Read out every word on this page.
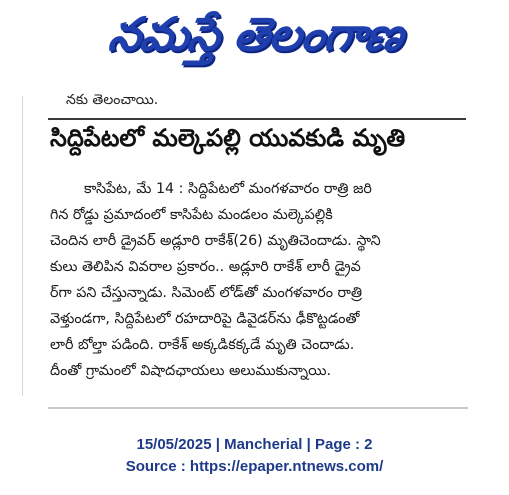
నమస్తే తెలంగాణ
నకు తెలంచాయి.
సిద్దిపేటలో మల్కెపల్లి యువకుడి మృతి
కాసిపేట, మే 14 : సిద్దిపేటలో మంగళవారం రాత్రి జరి
గిన రోడ్డు ప్రమాదంలో కాసిపేట మండలం మల్కెపల్లికి
చెందిన లారీ డ్రైవర్ అడ్లూరి రాకేశ్(26) మృతిచెందాడు. స్థాని
కులు తెలిపిన వివరాల ప్రకారం.. అడ్లూరి రాకేశ్ లారీ డ్రైవ
ర్‌గా పని చేస్తున్నాడు. సిమెంట్ లోడ్‌తో మంగళవారం రాత్రి
వెళ్తుండగా, సిద్దిపేటలో రహదారిపై డివైడర్‌ను ఢీకొట్టడంతో
లారీ బోల్తా పడింది. రాకేశ్ అక్కడికక్కడే మృతి చెందాడు.
దీంతో గ్రామంలో విషాదఛాయలు అలుముకున్నాయి.
15/05/2025 | Mancherial | Page : 2
Source : https://epaper.ntnews.com/
